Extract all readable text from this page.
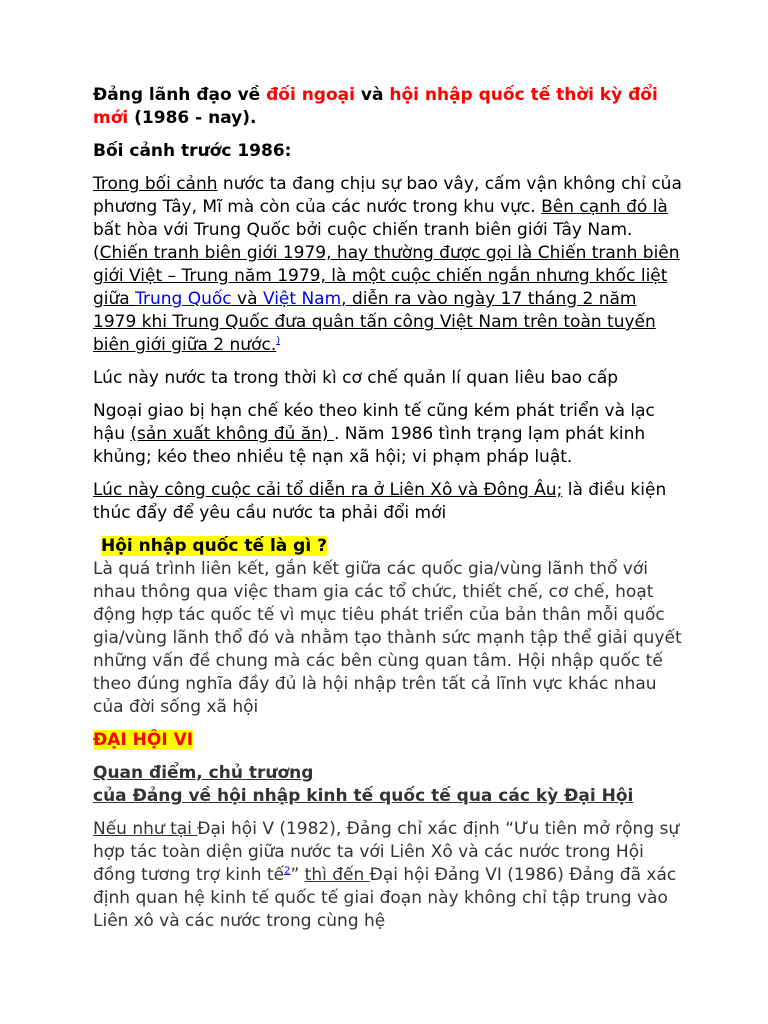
Đảng lãnh đạo về đối ngoại và hội nhập quốc tế thời kỳ đổi mới (1986 - nay).

Bối cảnh trước 1986:

Trong bối cảnh nước ta đang chịu sự bao vây, cấm vận không chỉ của phương Tây, Mĩ mà còn của các nước trong khu vực. Bên cạnh đó là bất hòa với Trung Quốc bởi cuộc chiến tranh biên giới Tây Nam.(Chiến tranh biên giới 1979, hay thường được gọi là Chiến tranh biên giới Việt – Trung năm 1979, là một cuộc chiến ngắn nhưng khốc liệt giữa Trung Quốc và Việt Nam, diễn ra vào ngày 17 tháng 2 năm 1979 khi Trung Quốc đưa quân tấn công Việt Nam trên toàn tuyến biên giới giữa 2 nước.)

Lúc này nước ta trong thời kì cơ chế quản lí quan liêu bao cấp

Ngoại giao bị hạn chế kéo theo kinh tế cũng kém phát triển và lạc hậu (sản xuất không đủ ăn) . Năm 1986 tình trạng lạm phát kinh khủng; kéo theo nhiều tệ nạn xã hội; vi phạm pháp luật.

Lúc này công cuộc cải tổ diễn ra ở Liên Xô và Đông Âu; là điều kiện thúc đẩy để yêu cầu nước ta phải đổi mới

Hội nhập quốc tế là gì ?

Là quá trình liên kết, gắn kết giữa các quốc gia/vùng lãnh thổ với nhau thông qua việc tham gia các tổ chức, thiết chế, cơ chế, hoạt động hợp tác quốc tế vì mục tiêu phát triển của bản thân mỗi quốc gia/vùng lãnh thổ đó và nhằm tạo thành sức mạnh tập thể giải quyết những vấn đề chung mà các bên cùng quan tâm. Hội nhập quốc tế theo đúng nghĩa đầy đủ là hội nhập trên tất cả lĩnh vực khác nhau của đời sống xã hội

ĐẠI HỘI VI

Quan điểm, chủ trương

của Đảng về hội nhập kinh tế quốc tế qua các kỳ Đại Hội

Nếu như tại Đại hội V (1982), Đảng chỉ xác định “Ưu tiên mở rộng sự hợp tác toàn diện giữa nước ta với Liên Xô và các nước trong Hội đồng tương trợ kinh tế$^2$” thì đến Đại hội Đảng VI (1986) Đảng đã xác định quan hệ kinh tế quốc tế giai đoạn này không chỉ tập trung vào Liên xô và các nước trong cùng hệ
